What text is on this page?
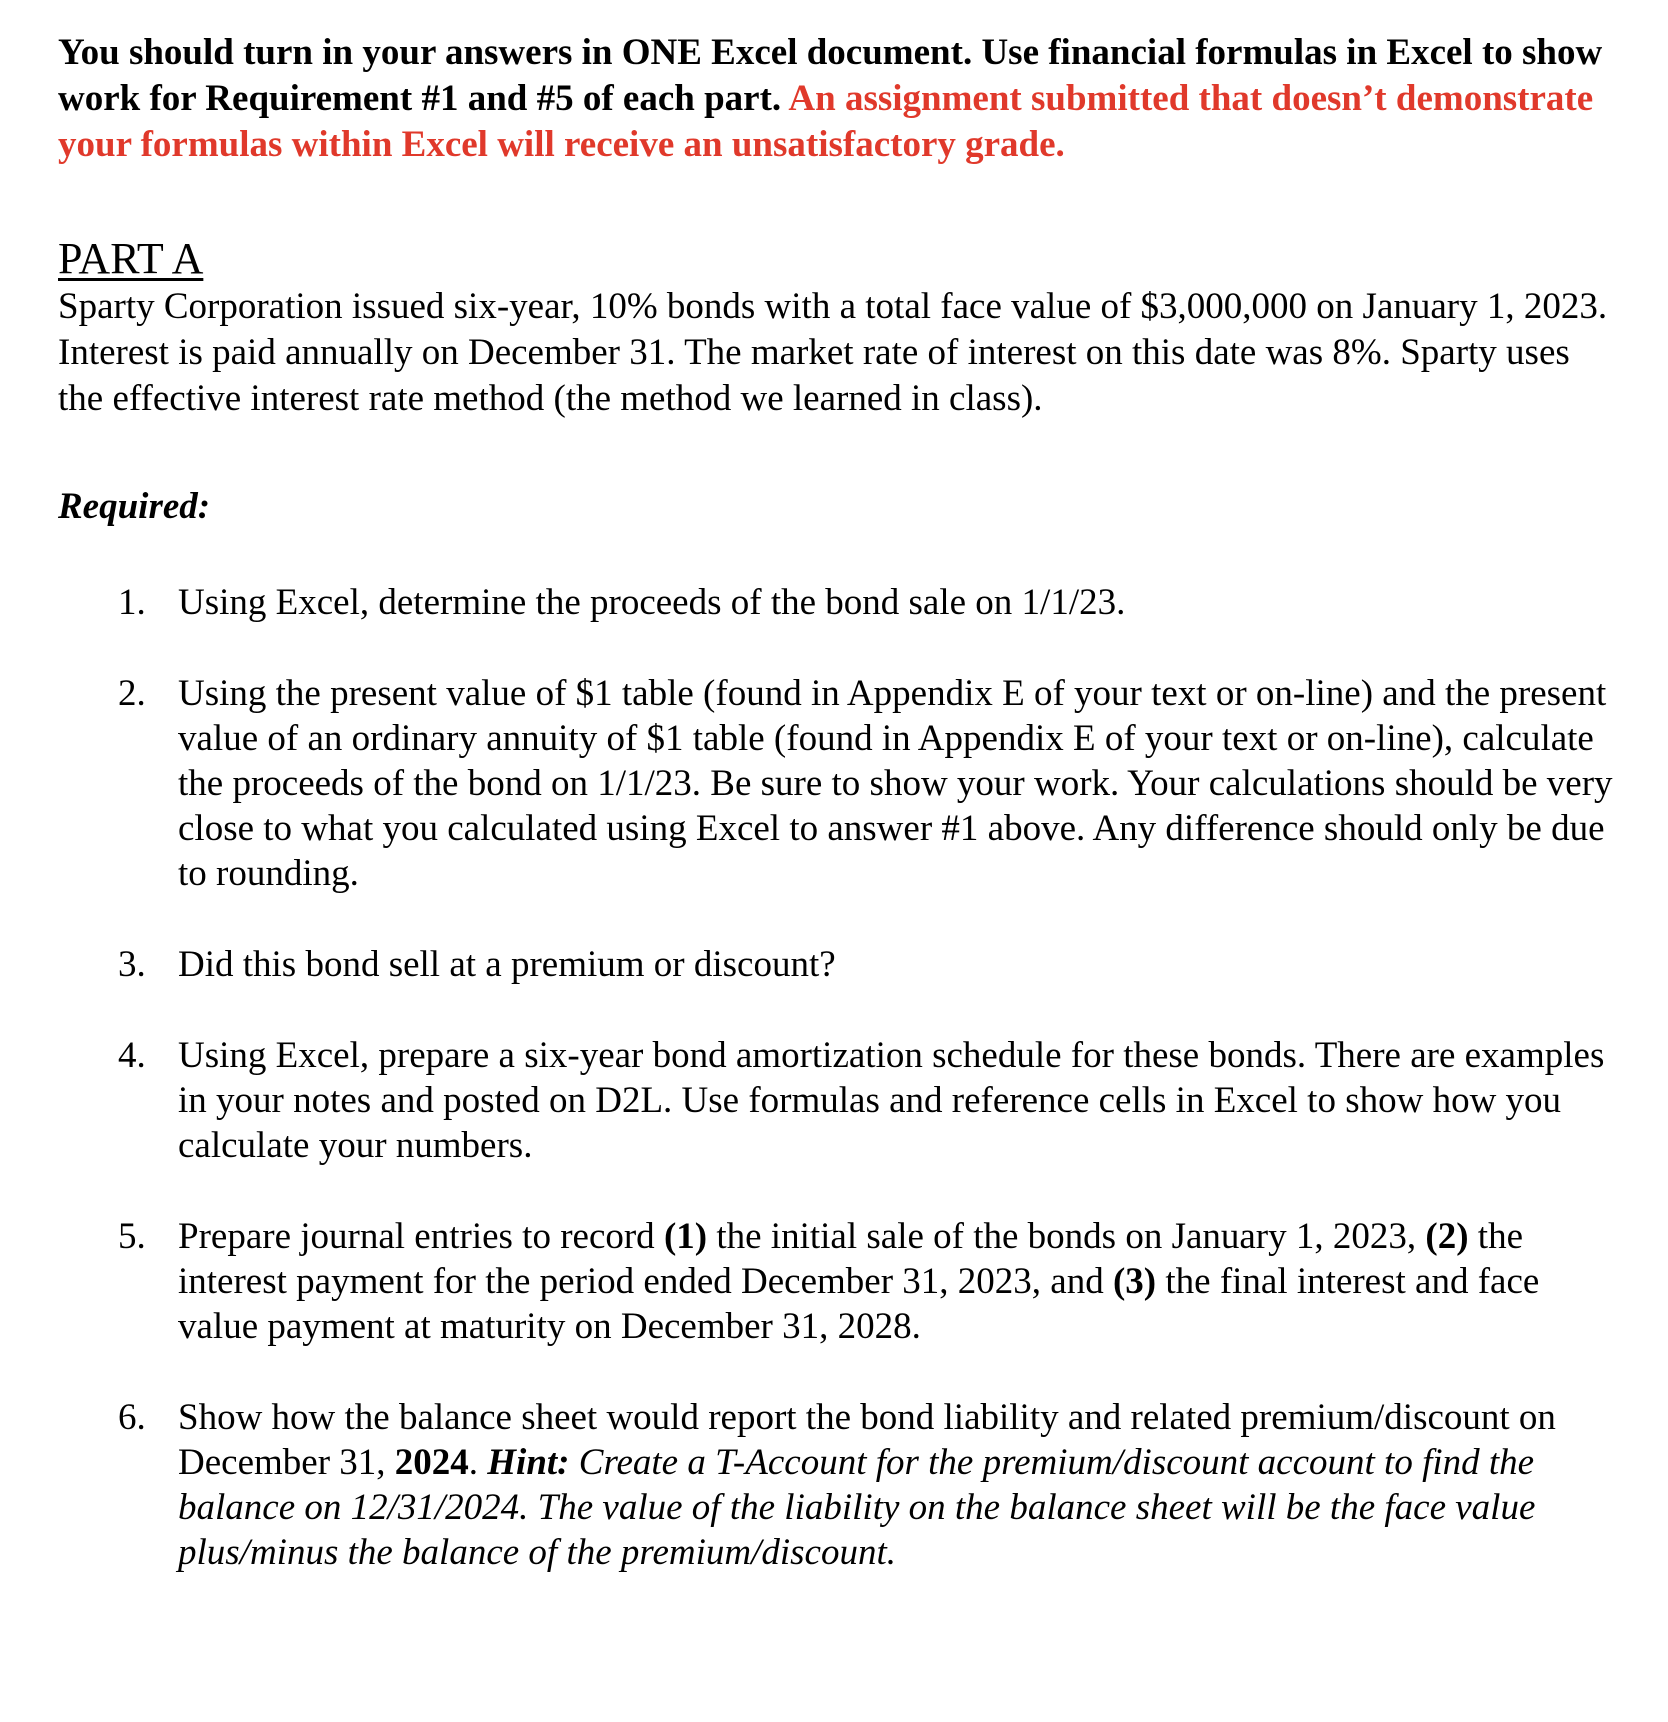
You should turn in your answers in ONE Excel document. Use financial formulas in Excel to show work for Requirement #1 and #5 of each part. An assignment submitted that doesn’t demonstrate your formulas within Excel will receive an unsatisfactory grade.

PART A

Sparty Corporation issued six-year, 10% bonds with a total face value of $3,000,000 on January 1, 2023. Interest is paid annually on December 31. The market rate of interest on this date was 8%. Sparty uses the effective interest rate method (the method we learned in class).

Required:

1. Using Excel, determine the proceeds of the bond sale on 1/1/23.
2. Using the present value of $1 table (found in Appendix E of your text or on-line) and the present value of an ordinary annuity of $1 table (found in Appendix E of your text or on-line), calculate the proceeds of the bond on 1/1/23. Be sure to show your work. Your calculations should be very close to what you calculated using Excel to answer #1 above. Any difference should only be due to rounding.
3. Did this bond sell at a premium or discount?
4. Using Excel, prepare a six-year bond amortization schedule for these bonds. There are examples in your notes and posted on D2L. Use formulas and reference cells in Excel to show how you calculate your numbers.
5. Prepare journal entries to record (1) the initial sale of the bonds on January 1, 2023, (2) the interest payment for the period ended December 31, 2023, and (3) the final interest and face value payment at maturity on December 31, 2028.
6. Show how the balance sheet would report the bond liability and related premium/discount on December 31, 2024. Hint: Create a T-Account for the premium/discount account to find the balance on 12/31/2024. The value of the liability on the balance sheet will be the face value plus/minus the balance of the premium/discount.
